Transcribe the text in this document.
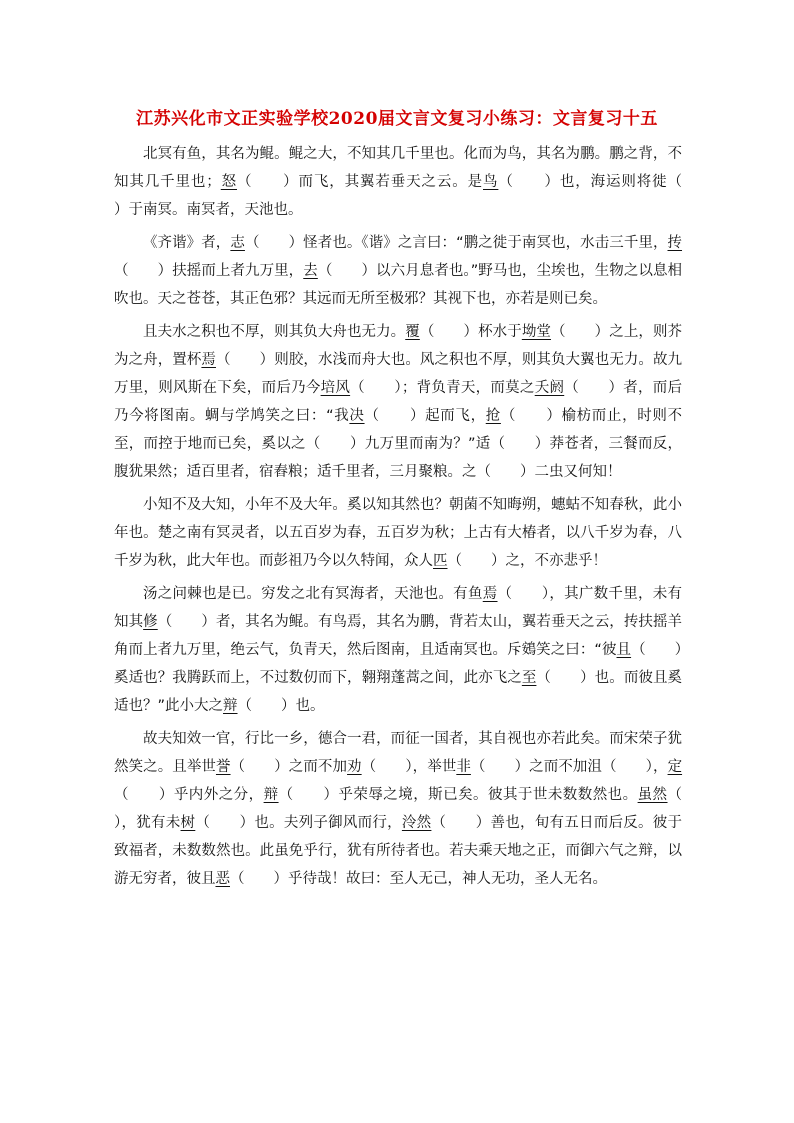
江苏兴化市文正实验学校2020届文言文复习小练习：文言复习十五

北冥有鱼，其名为鲲。鲲之大，不知其几千里也。化而为鸟，其名为鹏。鹏之背，不知其几千里也；怒（　　）而飞，其翼若垂天之云。是鸟（　　）也，海运则将徙（　　）于南冥。南冥者，天池也。

《齐谐》者，志（　　）怪者也。《谐》之言曰：“鹏之徙于南冥也，水击三千里，抟（　　）扶摇而上者九万里，去（　　）以六月息者也。”野马也，尘埃也，生物之以息相吹也。天之苍苍，其正色邪？其远而无所至极邪？其视下也，亦若是则已矣。

且夫水之积也不厚，则其负大舟也无力。覆（　　）杯水于坳堂（　　）之上，则芥为之舟，置杯焉（　　）则胶，水浅而舟大也。风之积也不厚，则其负大翼也无力。故九万里，则风斯在下矣，而后乃今培风（　　）；背负青天，而莫之夭阏（　　）者，而后乃今将图南。蜩与学鸠笑之曰：“我决（　　）起而飞，抢（　　）榆枋而止，时则不至，而控于地而已矣，奚以之（　　）九万里而南为？”适（　　）莽苍者，三餐而反，腹犹果然；适百里者，宿舂粮；适千里者，三月聚粮。之（　　）二虫又何知！

小知不及大知，小年不及大年。奚以知其然也？朝菌不知晦朔，蟪蛄不知春秋，此小年也。楚之南有冥灵者，以五百岁为春，五百岁为秋；上古有大椿者，以八千岁为春，八千岁为秋，此大年也。而彭祖乃今以久特闻，众人匹（　　）之，不亦悲乎！

汤之问棘也是已。穷发之北有冥海者，天池也。有鱼焉（　　），其广数千里，未有知其修（　　）者，其名为鲲。有鸟焉，其名为鹏，背若太山，翼若垂天之云，抟扶摇羊角而上者九万里，绝云气，负青天，然后图南，且适南冥也。斥鴳笑之曰：“彼且（　　）奚适也？我腾跃而上，不过数仞而下，翱翔蓬蒿之间，此亦飞之至（　　）也。而彼且奚适也？”此小大之辩（　　）也。

故夫知效一官，行比一乡，德合一君，而征一国者，其自视也亦若此矣。而宋荣子犹然笑之。且举世誉（　　）之而不加劝（　　），举世非（　　）之而不加沮（　　），定（　　）乎内外之分，辩（　　）乎荣辱之境，斯已矣。彼其于世未数数然也。虽然（　　），犹有未树（　　）也。夫列子御风而行，泠然（　　）善也，旬有五日而后反。彼于致福者，未数数然也。此虽免乎行，犹有所待者也。若夫乘天地之正，而御六气之辩，以游无穷者，彼且恶（　　）乎待哉！故曰：至人无己，神人无功，圣人无名。
